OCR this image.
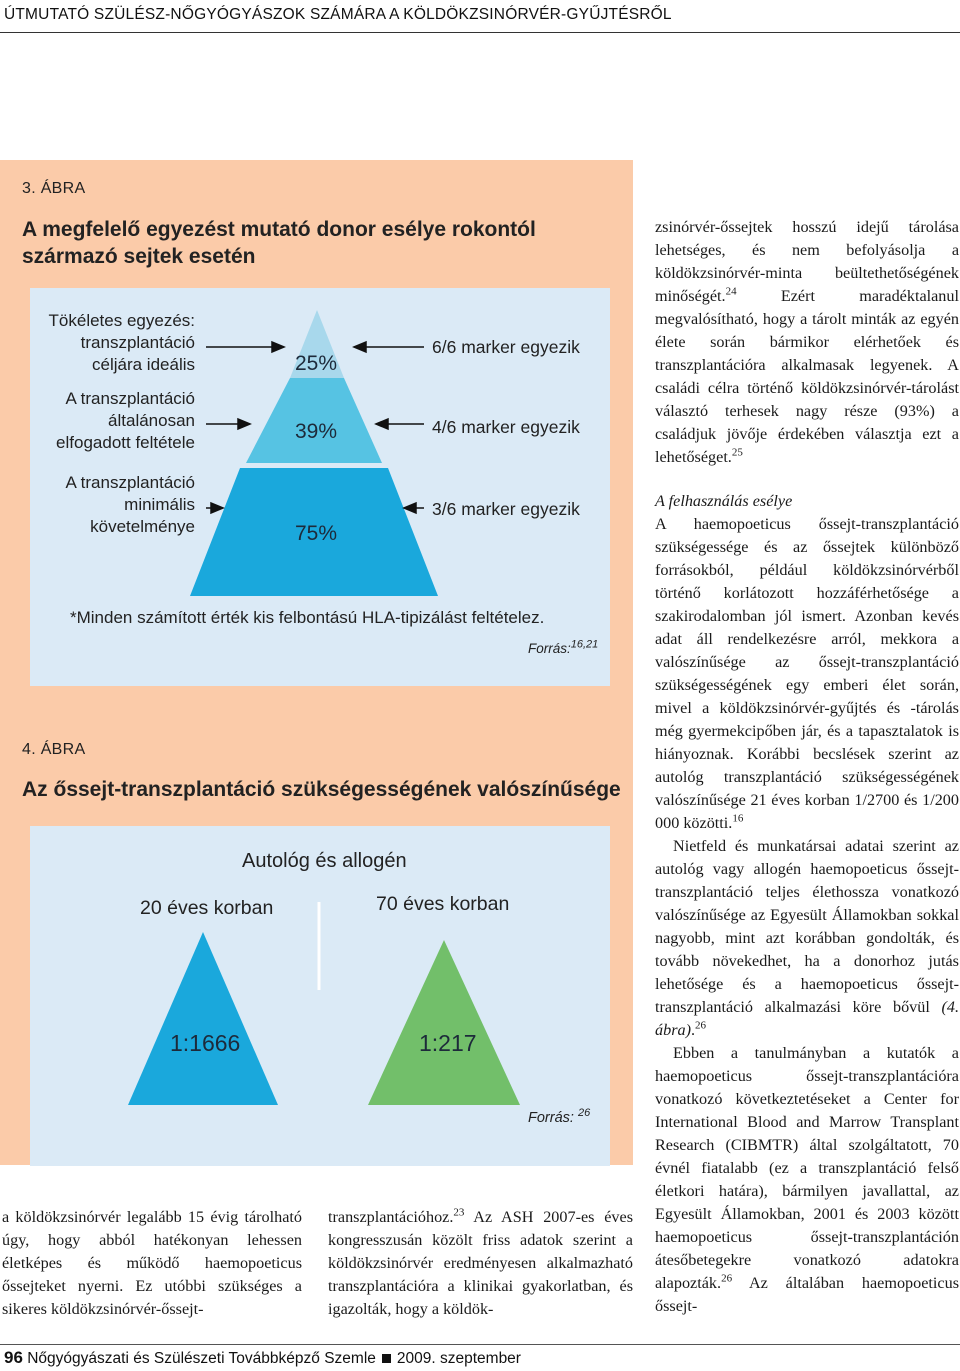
ÚTMUTATÓ SZÜLÉSZ-NŐGYÓGYÁSZOK SZÁMÁRA A KÖLDÖKZSINÓRVÉR-GYŰJTÉSRŐL
3. ÁBRA
A megfelelő egyezést mutató donor esélye rokontól származó sejtek esetén
Tökéletes egyezés:
transzplantáció
céljára ideális
A transzplantáció
általánosan
elfogadott feltétele
A transzplantáció
minimális
követelménye
25%
39%
75%
6/6 marker egyezik
4/6 marker egyezik
3/6 marker egyezik
*Minden számított érték kis felbontású HLA-tipizálást feltételez.
Forrás:$^{16,21}$
4. ÁBRA
Az őssejt-transzplantáció szükségességének valószínűsége
Autológ és allogén
20 éves korban	70 éves korban
1:1666	1:217
Forrás: $^{26}$

a köldökzsinórvér legalább 15 évig tárolható úgy, hogy abból hatékonyan lehessen életképes és működő haemopoeticus őssejteket nyerni. Ez utóbbi szükséges a sikeres köldökzsinórvér-őssejt-

transzplantációhoz.$^{23}$ Az ASH 2007-es éves kongresszusán közölt friss adatok szerint a köldökzsinórvér eredményesen alkalmazható transzplantációra a klinikai gyakorlatban, és igazolták, hogy a köldök-

zsinórvér-őssejtek hosszú idejű tárolása lehetséges, és nem befolyásolja a köldökzsinórvér-minta beültethetőségének minőségét.$^{24}$ Ezért maradéktalanul megvalósítható, hogy a tárolt minták az egyén élete során bármikor elérhetőek és transzplantációra alkalmasak legyenek. A családi célra történő köldökzsinórvér-tárolást választó terhesek nagy része (93%) a családjuk jövője érdekében választja ezt a lehetőséget.$^{25}$

A felhasználás esélye

A haemopoeticus őssejt-transzplantáció szükségessége és az őssejtek különböző forrásokból, például köldökzsinórvérből történő korlátozott hozzáférhetősége a szakirodalomban jól ismert. Azonban kevés adat áll rendelkezésre arról, mekkora a valószínűsége az őssejt-transzplantáció szükségességének egy emberi élet során, mivel a köldökzsinórvér-gyűjtés és -tárolás még gyermekcipőben jár, és a tapasztalatok is hiányoznak. Korábbi becslések szerint az autológ transzplantáció szükségességének valószínűsége 21 éves korban 1/2700 és 1/200 000 közötti.$^{16}$

Nietfeld és munkatársai adatai szerint az autológ vagy allogén haemopoeticus őssejt-transzplantáció teljes élethossza vonatkozó valószínűsége az Egyesült Államokban sokkal nagyobb, mint azt korábban gondolták, és tovább növekedhet, ha a donorhoz jutás lehetősége és a haemopoeticus őssejt-transzplantáció alkalmazási köre bővül (4. ábra).$^{26}$

Ebben a tanulmányban a kutatók a haemopoeticus őssejt-transzplantációra vonatkozó következtetéseket a Center for International Blood and Marrow Transplant Research (CIBMTR) által szolgáltatott, 70 évnél fiatalabb (ez a transzplantáció felső életkori határa), bármilyen javallattal, az Egyesült Államokban, 2001 és 2003 között haemopoeticus őssejt-transzplantáción átesőbetegekre vonatkozó adatokra alapozták.$^{26}$ Az általában haemopoeticus őssejt-

96 Nőgyógyászati és Szülészeti Továbbképző Szemle 2009. szeptember
